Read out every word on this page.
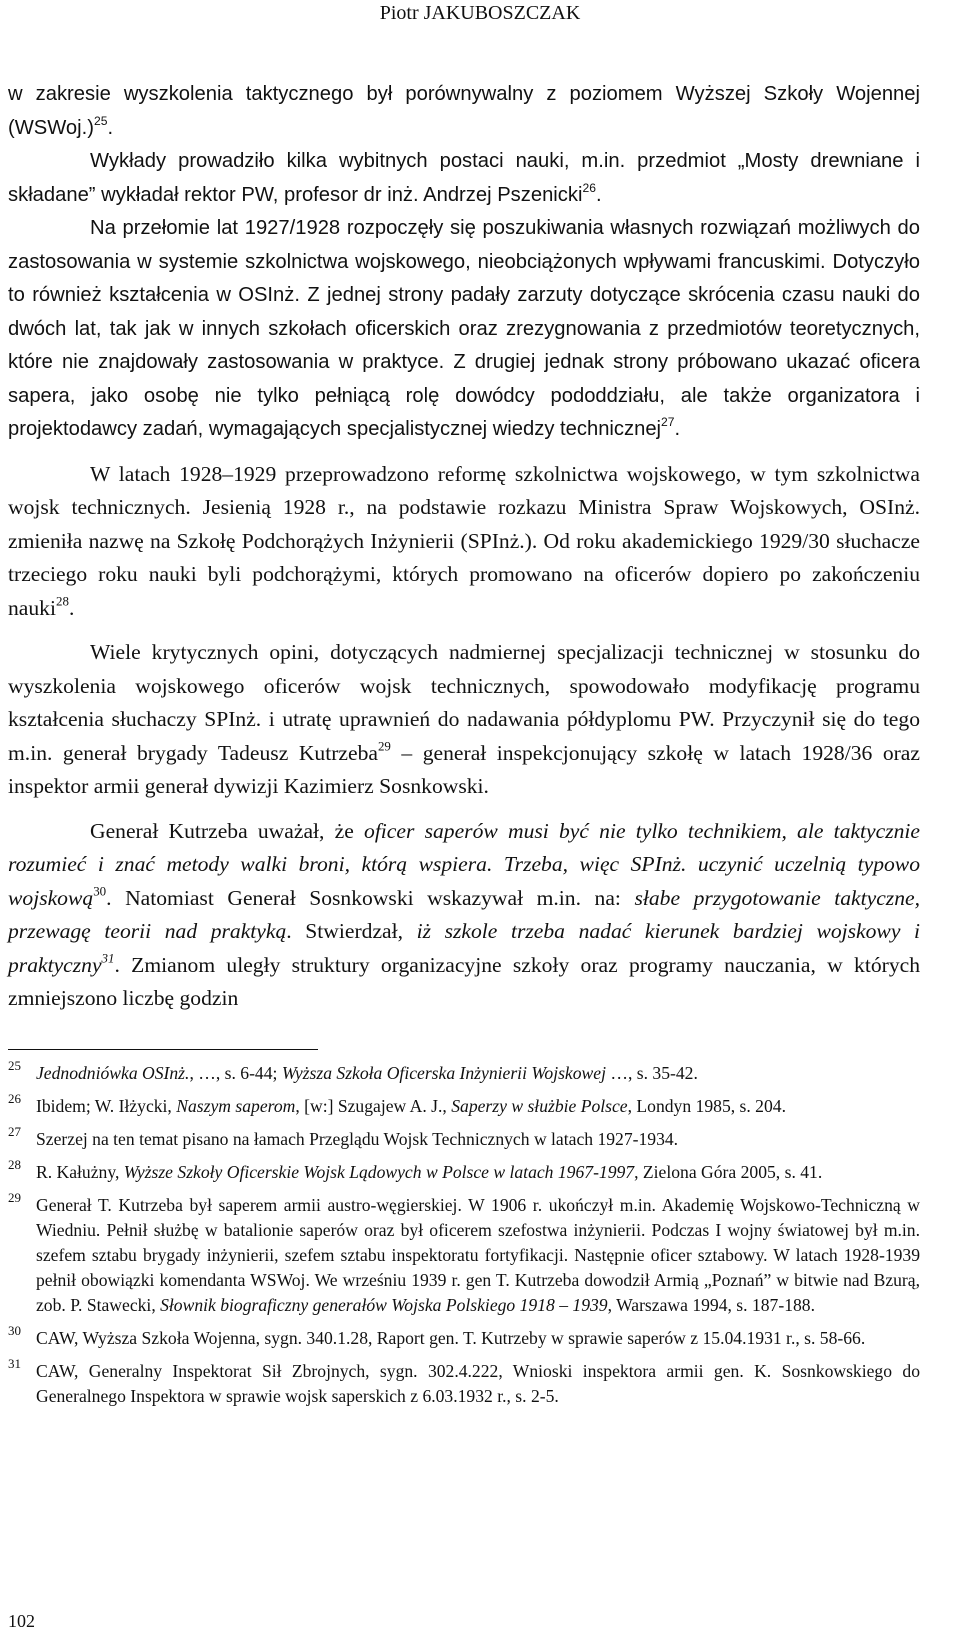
Piotr JAKUBOSZCZAK

w zakresie wyszkolenia taktycznego był porównywalny z poziomem Wyższej Szkoły Wojennej (WSWoj.)$^{25}$.

Wykłady prowadziło kilka wybitnych postaci nauki, m.in. przedmiot „Mosty drewniane i składane” wykładał rektor PW, profesor dr inż. Andrzej Pszenicki$^{26}$.

Na przełomie lat 1927/1928 rozpoczęły się poszukiwania własnych rozwiązań możliwych do zastosowania w systemie szkolnictwa wojskowego, nieobciążonych wpływami francuskimi. Dotyczyło to również kształcenia w OSInż. Z jednej strony padały zarzuty dotyczące skrócenia czasu nauki do dwóch lat, tak jak w innych szkołach oficerskich oraz zrezygnowania z przedmiotów teoretycznych, które nie znajdowały zastosowania w praktyce. Z drugiej jednak strony próbowano ukazać oficera sapera, jako osobę nie tylko pełniącą rolę dowódcy pododdziału, ale także organizatora i projektodawcy zadań, wymagających specjalistycznej wiedzy technicznej$^{27}$.

W latach 1928–1929 przeprowadzono reformę szkolnictwa wojskowego, w tym szkolnictwa wojsk technicznych. Jesienią 1928 r., na podstawie rozkazu Ministra Spraw Wojskowych, OSInż. zmieniła nazwę na Szkołę Podchorążych Inżynierii (SPInż.). Od roku akademickiego 1929/30 słuchacze trzeciego roku nauki byli podchorążymi, których promowano na oficerów dopiero po zakończeniu nauki$^{28}$.

Wiele krytycznych opini, dotyczących nadmiernej specjalizacji technicznej w stosunku do wyszkolenia wojskowego oficerów wojsk technicznych, spowodowało modyfikację programu kształcenia słuchaczy SPInż. i utratę uprawnień do nadawania półdyplomu PW. Przyczynił się do tego m.in. generał brygady Tadeusz Kutrzeba$^{29}$ – generał inspekcjonujący szkołę w latach 1928/36 oraz inspektor armii generał dywizji Kazimierz Sosnkowski.

Generał Kutrzeba uważał, że oficer saperów musi być nie tylko technikiem, ale taktycznie rozumieć i znać metody walki broni, którą wspiera. Trzeba, więc SPInż. uczynić uczelnią typowo wojskową$^{30}$. Natomiast Generał Sosnkowski wskazywał m.in. na: słabe przygotowanie taktyczne, przewagę teorii nad praktyką. Stwierdzał, iż szkole trzeba nadać kierunek bardziej wojskowy i praktyczny$^{31}$. Zmianom uległy struktury organizacyjne szkoły oraz programy nauczania, w których zmniejszono liczbę godzin

25 Jednodniówka OSInż., …, s. 6-44; Wyższa Szkoła Oficerska Inżynierii Wojskowej …, s. 35-42.
26 Ibidem; W. Iłżycki, Naszym saperom, [w:] Szugajew A. J., Saperzy w służbie Polsce, Londyn 1985, s. 204.
27 Szerzej na ten temat pisano na łamach Przeglądu Wojsk Technicznych w latach 1927-1934.
28 R. Kałużny, Wyższe Szkoły Oficerskie Wojsk Lądowych w Polsce w latach 1967-1997, Zielona Góra 2005, s. 41.
29 Generał T. Kutrzeba był saperem armii austro-węgierskiej. W 1906 r. ukończył m.in. Akademię Wojskowo-Techniczną w Wiedniu. Pełnił służbę w batalionie saperów oraz był oficerem szefostwa inżynierii. Podczas I wojny światowej był m.in. szefem sztabu brygady inżynierii, szefem sztabu inspektoratu fortyfikacji. Następnie oficer sztabowy. W latach 1928-1939 pełnił obowiązki komendanta WSWoj. We wrześniu 1939 r. gen T. Kutrzeba dowodził Armią „Poznań” w bitwie nad Bzurą, zob. P. Stawecki, Słownik biograficzny generałów Wojska Polskiego 1918 – 1939, Warszawa 1994, s. 187-188.
30 CAW, Wyższa Szkoła Wojenna, sygn. 340.1.28, Raport gen. T. Kutrzeby w sprawie saperów z 15.04.1931 r., s. 58-66.
31 CAW, Generalny Inspektorat Sił Zbrojnych, sygn. 302.4.222, Wnioski inspektora armii gen. K. Sosnkowskiego do Generalnego Inspektora w sprawie wojsk saperskich z 6.03.1932 r., s. 2-5.
102
